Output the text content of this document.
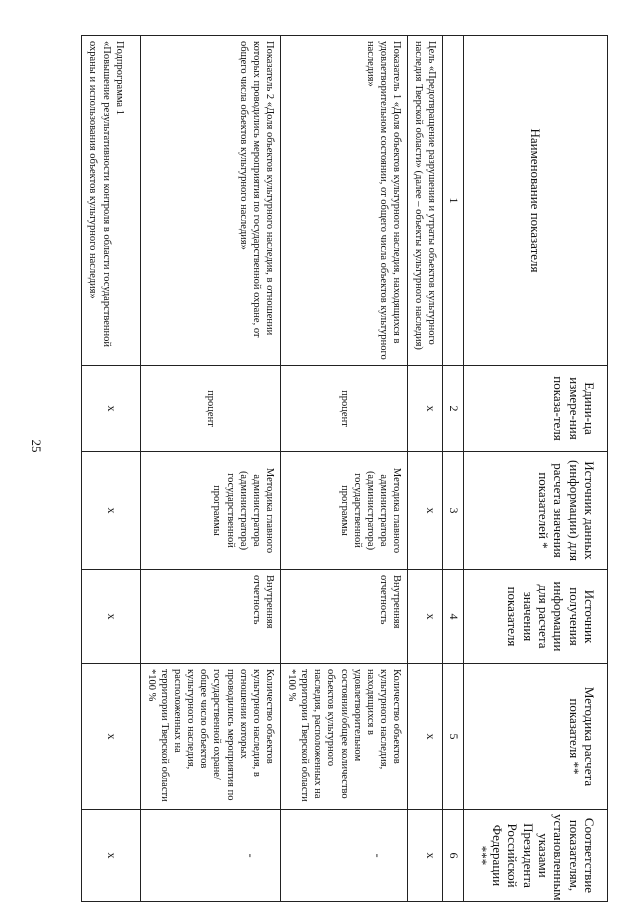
25
Наименование показателя	Едини-ца измере-ния показа-теля	Источник данных (информации) для расчета значения показателей *	Источник получения информации для расчета значения показателя	Методика расчета показателя **	Соответствие показателям, установленным указами Президента Российской Федерации ***
1	2	3	4	5	6
Цель «Предотвращение разрушения и утраты объектов культурного наследия Тверской области» (далее – объекты культурного наследия)	х	х	х	х	х
Показатель 1 «Доля объектов культурного наследия, находящихся в удовлетворительном состоянии, от общего числа объектов культурного наследия»	процент	Методика главного администратора (администратора) государственной программы	Внутренняя отчетность	Количество объектов культурного наследия, находящихся в удовлетворительном состоянии/общее количество объектов культурного наследия, расположенных на территории Тверской области *100 %	-
Показатель 2 «Доля объектов культурного наследия, в отношении которых проводились мероприятия по государственной охране, от общего числа объектов культурного наследия»	процент	Методика главного администратора (администратора) государственной программы	Внутренняя отчетность	Количество объектов культурного наследия, в отношении которых проводились мероприятия по государственной охране/общее число объектов культурного наследия, расположенных на территории Тверской области *100 %	-

Подпрограмма 1
«Повышение результативности контроля в области государственной охраны и использования объектов культурного наследия»	х	х	х	х	х
